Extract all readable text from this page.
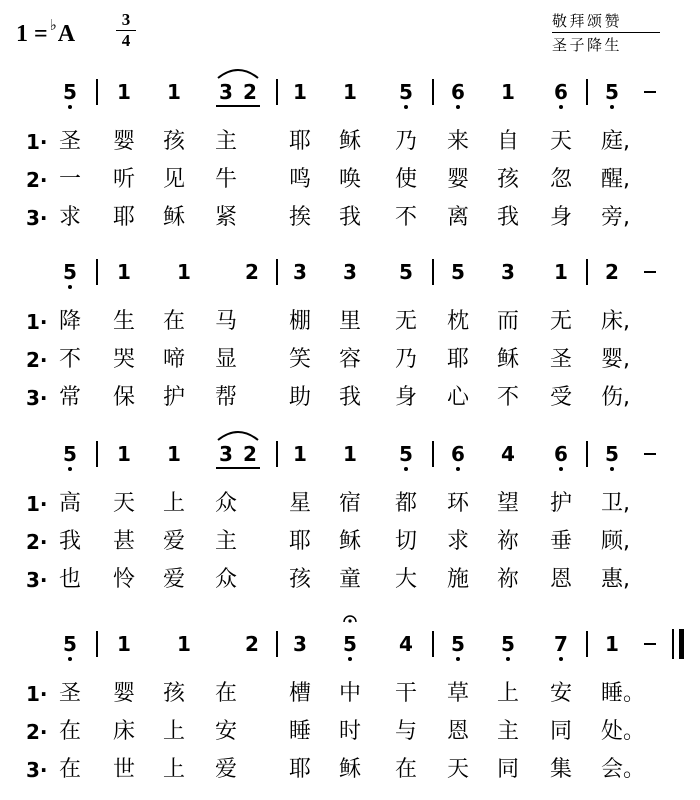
1 = ♭A
3
4
敬拜颂赞
圣子降生
5 1 1 3 2 1 1 5 6 1 6 5
1· 圣 婴 孩 主 耶 稣 乃 来 自 天 庭,
2· 一 听 见 牛 鸣 唤 使 婴 孩 忽 醒,
3· 求 耶 稣 紧 挨 我 不 离 我 身 旁,
5 1 1	2 3 3 5 5 3 1 2
1· 降 生 在 马 棚 里 无 枕 而 无 床,
2· 不 哭 啼 显 笑 容 乃 耶 稣 圣 婴,
3· 常 保 护 帮 助 我 身 心 不 受 伤,
5 1 1 3 2 1 1 5 6 4 6 5
1· 高 天 上 众 星 宿 都 环 望 护 卫,
2· 我 甚 爱 主 耶 稣 切 求 祢 垂 顾,
3· 也 怜 爱 众 孩 童 大 施 祢 恩 惠,
5 1 1	2 3 5 4 5 5 7 1
1· 圣 婴 孩 在 槽 中 干 草 上 安 睡。
2· 在 床 上 安 睡 时 与 恩 主 同 处。
3· 在 世 上 爱 耶 稣 在 天 同 集 会。
